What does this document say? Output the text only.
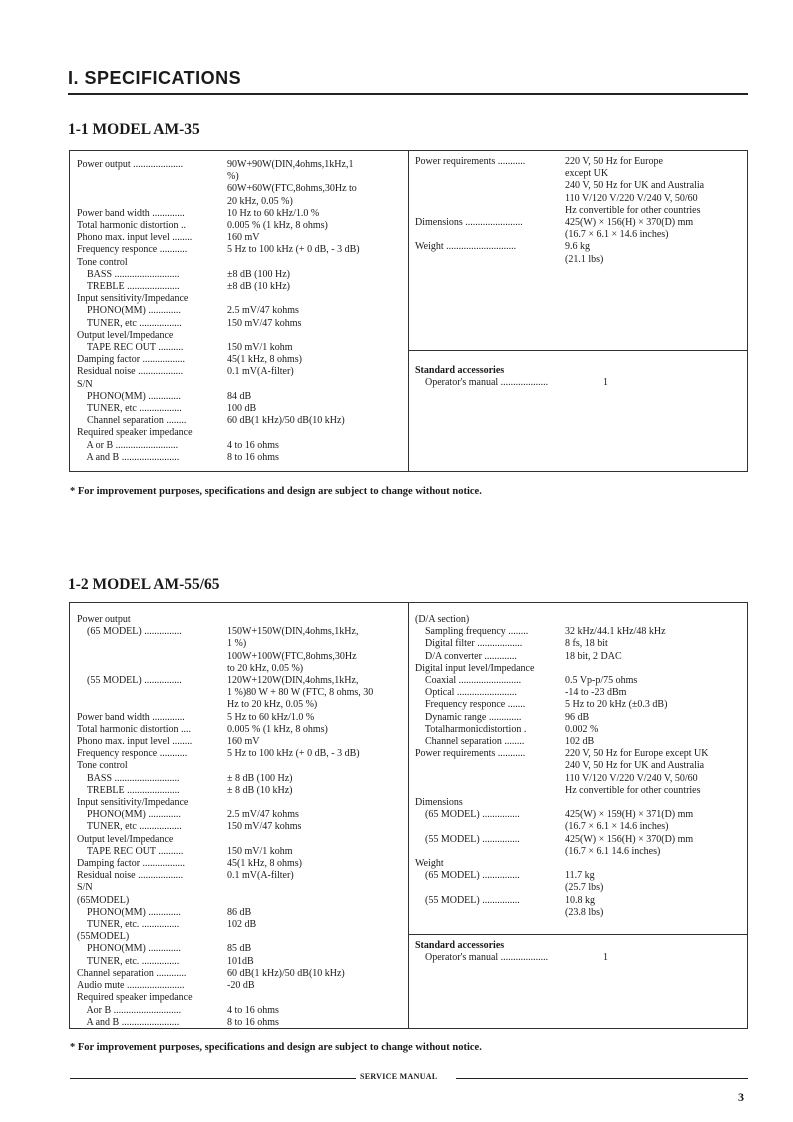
I. SPECIFICATIONS
1-1 MODEL AM-35
Power output ....................	90W+90W(DIN,4ohms,1kHz,1
%)
60W+60W(FTC,8ohms,30Hz to
20 kHz, 0.05 %)
Power band width .............	10 Hz to 60 kHz/1.0 %
Total harmonic distortion ..	0.005 % (1 kHz, 8 ohms)
Phono max. input level ........	160 mV
Frequency responce ...........	5 Hz to 100 kHz (+ 0 dB, - 3 dB)
Tone control
BASS ..........................	±8 dB (100 Hz)
TREBLE .....................	±8 dB (10 kHz)
Input sensitivity/Impedance
PHONO(MM) .............	2.5 mV/47 kohms
TUNER, etc .................	150 mV/47 kohms
Output level/Impedance
TAPE REC OUT ..........	150 mV/1 kohm
Damping factor .................	45(1 kHz, 8 ohms)
Residual noise ..................	0.1 mV(A-filter)
S/N
PHONO(MM) .............	84 dB
TUNER, etc .................	100 dB
Channel separation ........	60 dB(1 kHz)/50 dB(10 kHz)
Required speaker impedance
A or B .........................	4 to 16 ohms
A and B .......................	8 to 16 ohms
Power requirements ...........	220 V, 50 Hz for Europe
except UK
240 V, 50 Hz for UK and Australia
110 V/120 V/220 V/240 V, 50/60
Hz convertible for other countries
Dimensions .......................	425(W) × 156(H) × 370(D) mm
(16.7 × 6.1 × 14.6 inches)
Weight ............................	9.6 kg
(21.1 lbs)
Standard accessories
Operator's manual ...................	1
* For improvement purposes, specifications and design are subject to change without notice.
1-2 MODEL AM-55/65
Power output
(65 MODEL) ...............	150W+150W(DIN,4ohms,1kHz,
1 %)
100W+100W(FTC,8ohms,30Hz
to 20 kHz, 0.05 %)
(55 MODEL) ...............	120W+120W(DIN,4ohms,1kHz,
1 %)80 W + 80 W (FTC, 8 ohms, 30
Hz to 20 kHz, 0.05 %)
Power band width .............	5 Hz to 60 kHz/1.0 %
Total harmonic distortion ....	0.005 % (1 kHz, 8 ohms)
Phono max. input level ........	160 mV
Frequency responce ...........	5 Hz to 100 kHz (+ 0 dB, - 3 dB)
Tone control
BASS ..........................	± 8 dB (100 Hz)
TREBLE .....................	± 8 dB (10 kHz)
Input sensitivity/Impedance
PHONO(MM) .............	2.5 mV/47 kohms
TUNER, etc .................	150 mV/47 kohms
Output level/Impedance
TAPE REC OUT ..........	150 mV/1 kohm
Damping factor .................	45(1 kHz, 8 ohms)
Residual noise ..................	0.1 mV(A-filter)
S/N
(65MODEL)
PHONO(MM) .............	86 dB
TUNER, etc. ...............	102 dB
(55MODEL)
PHONO(MM) .............	85 dB
TUNER, etc. ...............	101dB
Channel separation ............	60 dB(1 kHz)/50 dB(10 kHz)
Audio mute .......................	-20 dB
Required speaker impedance
Aor B ...........................	4 to 16 ohms
A and B .......................	8 to 16 ohms
(D/A section)
Sampling frequency ........	32 kHz/44.1 kHz/48 kHz
Digital filter ..................	8 fs, 18 bit
D/A converter .............	18 bit, 2 DAC
Digital input level/Impedance
Coaxial .........................	0.5 Vp-p/75 ohms
Optical ........................	-14 to -23 dBm
Frequency responce .......	5 Hz to 20 kHz (±0.3 dB)
Dynamic range .............	96 dB
Totalharmonicdistortion .	0.002 %
Channel separation ........	102 dB
Power requirements ...........	220 V, 50 Hz for Europe except UK
240 V, 50 Hz for UK and Australia
110 V/120 V/220 V/240 V, 50/60
Hz convertible for other countries
Dimensions
(65 MODEL) ...............	425(W) × 159(H) × 371(D) mm
(16.7 × 6.1 × 14.6 inches)
(55 MODEL) ...............	425(W) × 156(H) × 370(D) mm
(16.7 × 6.1 14.6 inches)
Weight
(65 MODEL) ...............	11.7 kg
(25.7 lbs)
(55 MODEL) ...............	10.8 kg
(23.8 lbs)
Standard accessories
Operator's manual ...................	1
* For improvement purposes, specifications and design are subject to change without notice.
SERVICE MANUAL
3
